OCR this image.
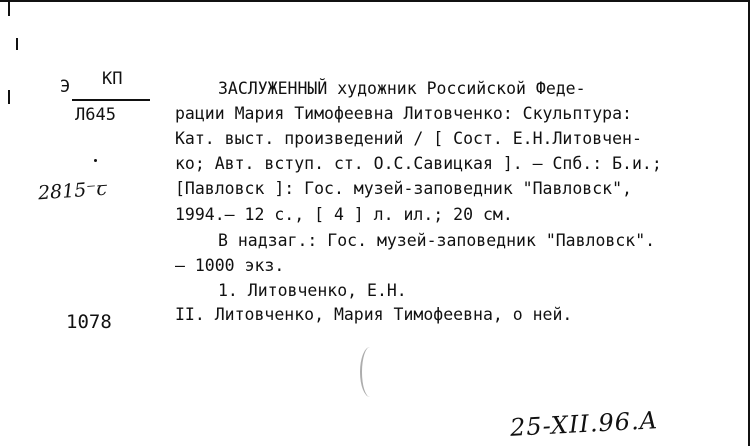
Э КП
Л645
2815⁻ꞇ
1078
ЗАСЛУЖЕННЫЙ художник Российской Феде-
рации Мария Тимофеевна Литовченко: Скульптура:
Кат. выст. произведений / [ Сост. Е.Н.Литовчен-
ко; Авт. вступ. ст. О.С.Савицкая ]. – Спб.: Б.и.;
[Павловск ]: Гос. музей-заповедник "Павловск",
1994.– 12 с., [ 4 ] л. ил.; 20 см.
В надзаг.: Гос. музей-заповедник "Павловск".
– 1000 экз.
1. Литовченко, Е.Н.
II. Литовченко, Мария Тимофеевна, о ней.
25-XII.96.A
